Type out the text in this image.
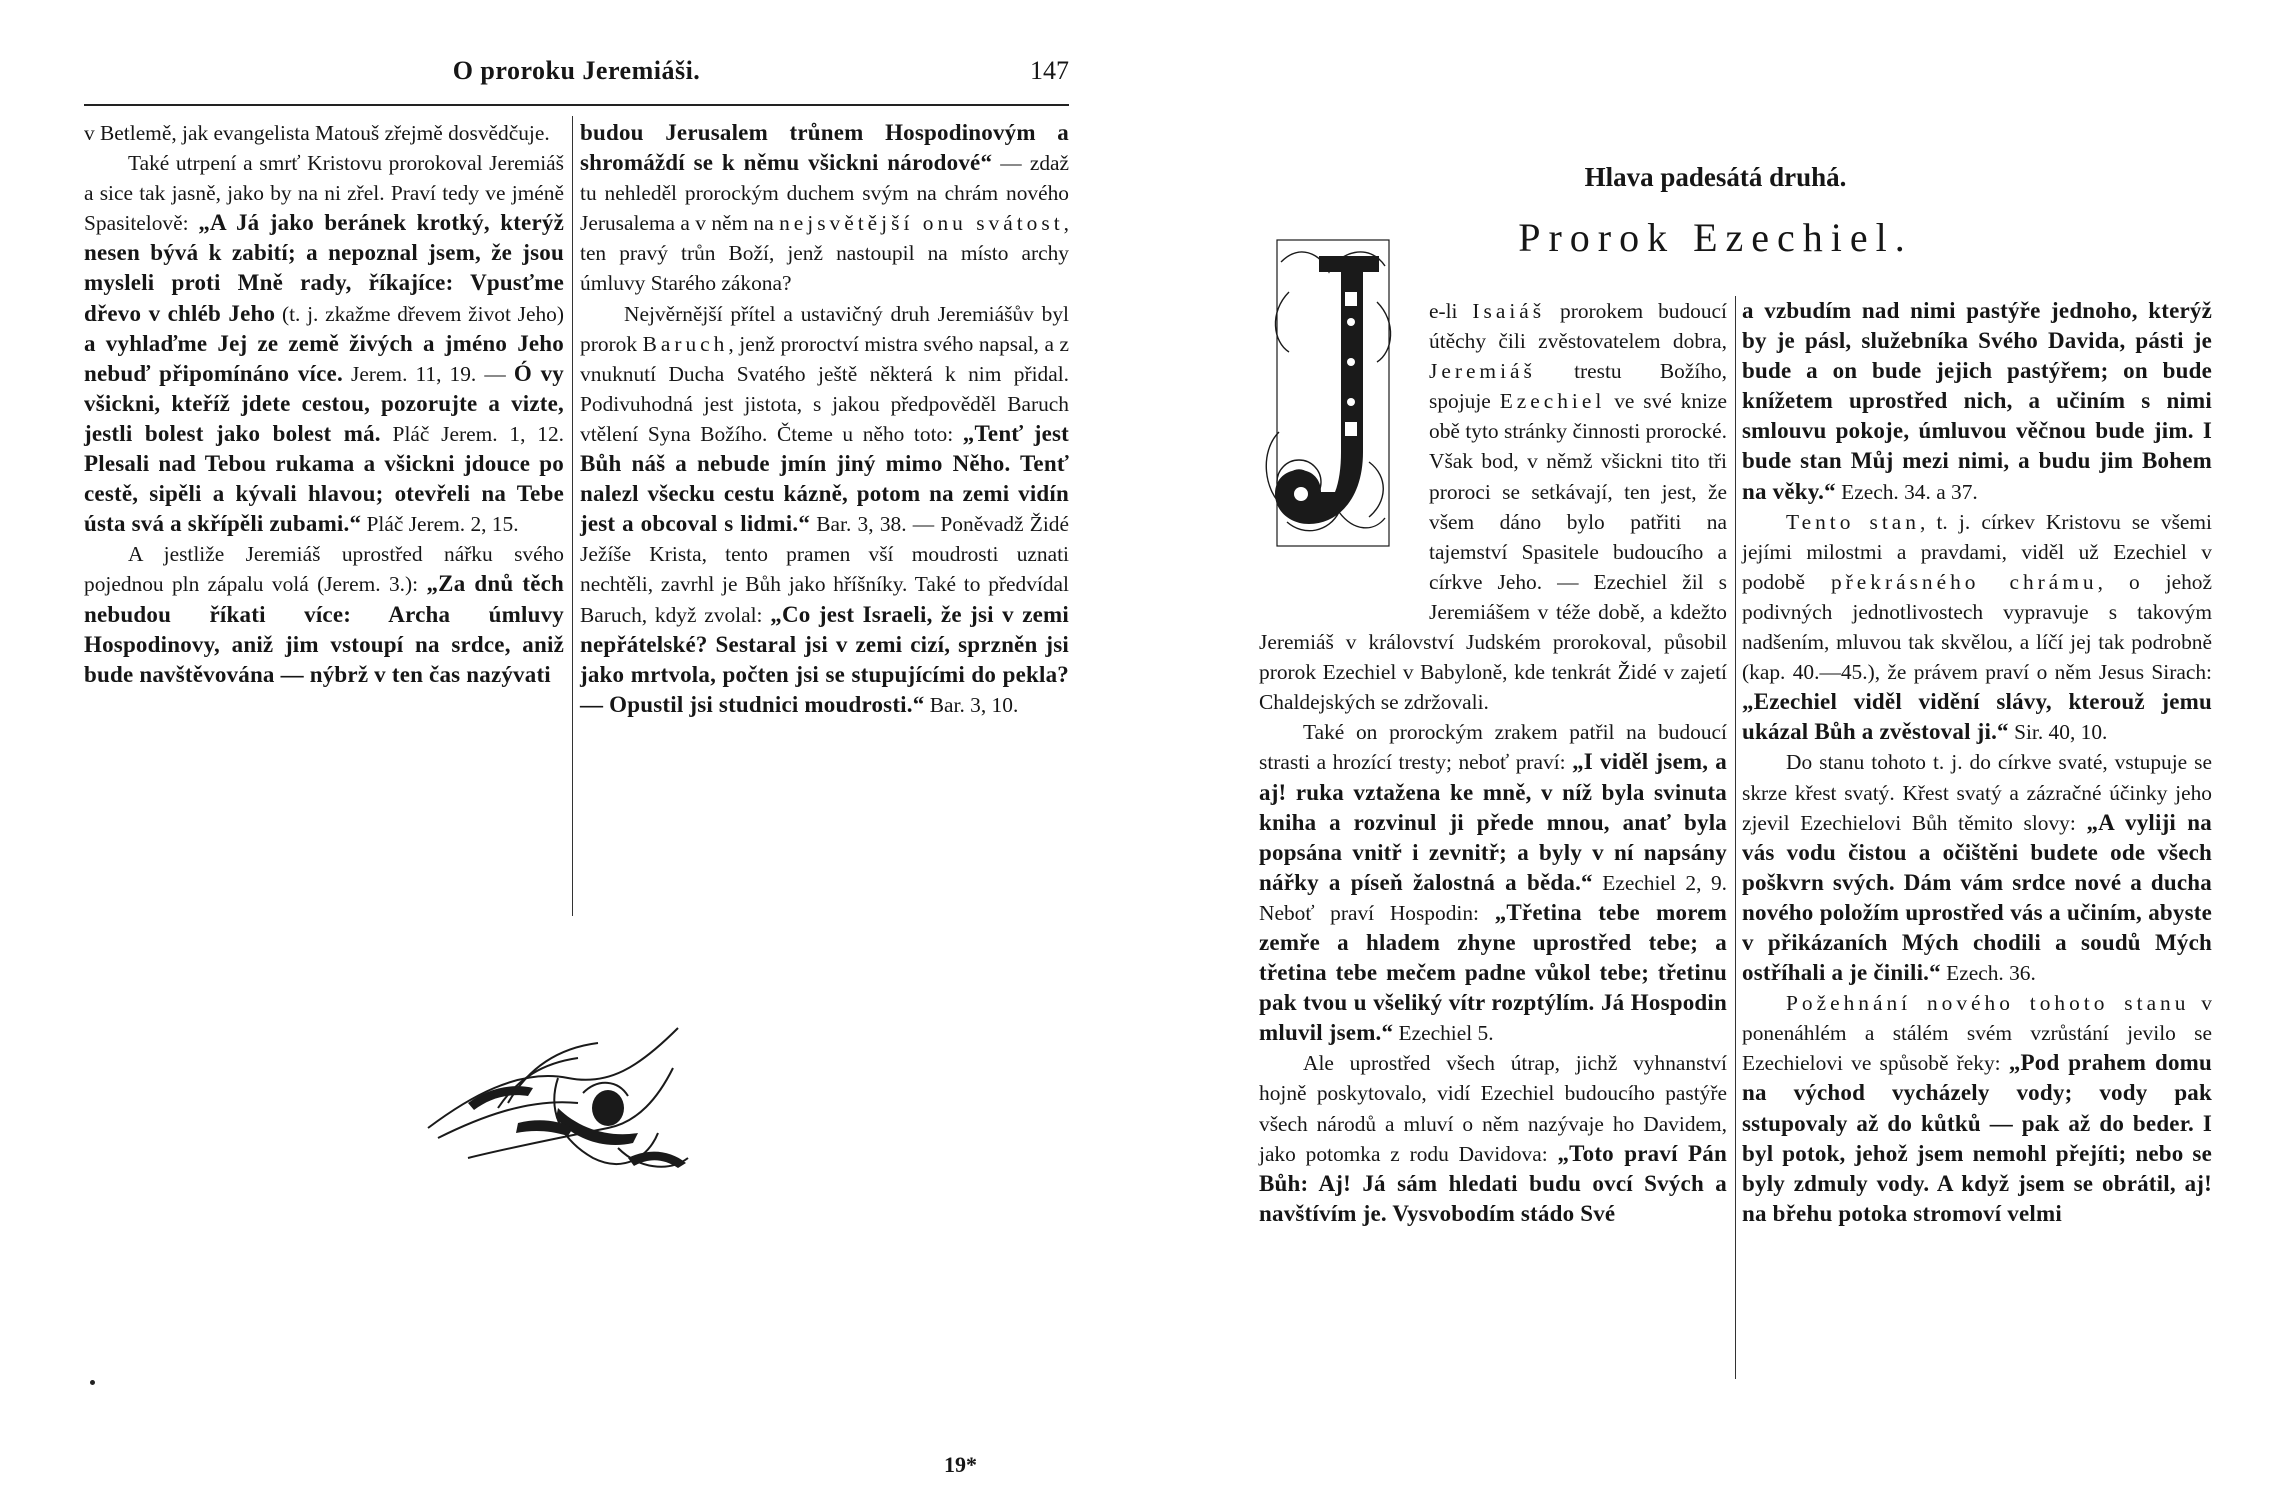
O proroku Jeremiáši.	147

v Betlemě, jak evangelista Matouš zřejmě dosvědčuje.

Také utrpení a smrť Kristovu prorokoval Jeremiáš a sice tak jasně, jako by na ni zřel. Praví tedy ve jméně Spasitelově: „A Já jako beránek krotký, kterýž nesen bývá k zabití; a nepoznal jsem, že jsou mysleli proti Mně rady, říkajíce: Vpusťme dřevo v chléb Jeho (t. j. zkažme dřevem život Jeho) a vyhlaďme Jej ze země živých a jméno Jeho nebuď připomínáno více. Jerem. 11, 19. — Ó vy všickni, kteříž jdete cestou, pozorujte a vizte, jestli bolest jako bolest má. Pláč Jerem. 1, 12. Plesali nad Tebou rukama a všickni jdouce po cestě, sipěli a kývali hlavou; otevřeli na Tebe ústa svá a skřípěli zubami.“ Pláč Jerem. 2, 15.

A jestliže Jeremiáš uprostřed nářku svého pojednou pln zápalu volá (Jerem. 3.): „Za dnů těch nebudou říkati více: Archa úmluvy Hospodinovy, aniž jim vstoupí na srdce, aniž bude navštěvována — nýbrž v ten čas nazývati

budou Jerusalem trůnem Hospodinovým a shromáždí se k němu všickni národové“ — zdaž tu nehleděl prorockým duchem svým na chrám nového Jerusalema a v něm na nejsvětější onu svátost, ten pravý trůn Boží, jenž nastoupil na místo archy úmluvy Starého zákona?

Nejvěrnější přítel a ustavičný druh Jeremiášův byl prorok Baruch, jenž proroctví mistra svého napsal, a z vnuknutí Ducha Svatého ještě některá k nim přidal. Podivuhodná jest jistota, s jakou předpověděl Baruch vtělení Syna Božího. Čteme u něho toto: „Tenť jest Bůh náš a nebude jmín jiný mimo Něho. Tenť nalezl všecku cestu kázně, potom na zemi vidín jest a obcoval s lidmi.“ Bar. 3, 38. — Poněvadž Židé Ježíše Krista, tento pramen vší moudrosti uznati nechtěli, zavrhl je Bůh jako hříšníky. Také to předvídal Baruch, když zvolal: „Co jest Israeli, že jsi v zemi nepřátelské? Sestaral jsi v zemi cizí, sprzněn jsi jako mrtvola, počten jsi se stupujícími do pekla? — Opustil jsi studnici moudrosti.“ Bar. 3, 10.

19*
Hlava padesátá druhá.
Prorok Ezechiel.

e-li Isaiáš prorokem budoucí útěchy čili zvěstovatelem dobra, Jeremiáš trestu Božího, spojuje Ezechiel ve své knize obě tyto stránky činnosti prorocké. Však bod, v němž všickni tito tři proroci se setkávají, ten jest, že všem dáno bylo patřiti na tajemství Spasitele budoucího a církve Jeho. — Ezechiel žil s Jeremiášem v téže době, a kdežto Jeremiáš v království Judském prorokoval, působil prorok Ezechiel v Babyloně, kde tenkrát Židé v zajetí Chaldejských se zdržovali.

Také on prorockým zrakem patřil na budoucí strasti a hrozící tresty; neboť praví: „I viděl jsem, a aj! ruka vztažena ke mně, v níž byla svinuta kniha a rozvinul ji přede mnou, anať byla popsána vnitř i zevnitř; a byly v ní napsány nářky a píseň žalostná a běda.“ Ezechiel 2, 9. Neboť praví Hospodin: „Třetina tebe morem zemře a hladem zhyne uprostřed tebe; a třetina tebe mečem padne vůkol tebe; třetinu pak tvou u všeliký vítr rozptýlím. Já Hospodin mluvil jsem.“ Ezechiel 5.

Ale uprostřed všech útrap, jichž vyhnanství hojně poskytovalo, vidí Ezechiel budoucího pastýře všech národů a mluví o něm nazývaje ho Davidem, jako potomka z rodu Davidova: „Toto praví Pán Bůh: Aj! Já sám hledati budu ovcí Svých a navštívím je. Vysvobodím stádo Své

a vzbudím nad nimi pastýře jednoho, kterýž by je pásl, služebníka Svého Davida, pásti je bude a on bude jejich pastýřem; on bude knížetem uprostřed nich, a učiním s nimi smlouvu pokoje, úmluvou věčnou bude jim. I bude stan Můj mezi nimi, a budu jim Bohem na věky.“ Ezech. 34. a 37.

Tento stan, t. j. církev Kristovu se všemi jejími milostmi a pravdami, viděl už Ezechiel v podobě překrásného chrámu, o jehož podivných jednotlivostech vypravuje s takovým nadšením, mluvou tak skvělou, a líčí jej tak podrobně (kap. 40.—45.), že právem praví o něm Jesus Sirach: „Ezechiel viděl vidění slávy, kterouž jemu ukázal Bůh a zvěstoval ji.“ Sir. 40, 10.

Do stanu tohoto t. j. do církve svaté, vstupuje se skrze křest svatý. Křest svatý a zázračné účinky jeho zjevil Ezechielovi Bůh těmito slovy: „A vyliji na vás vodu čistou a očištěni budete ode všech poškvrn svých. Dám vám srdce nové a ducha nového položím uprostřed vás a učiním, abyste v přikázaních Mých chodili a soudů Mých ostříhali a je činili.“ Ezech. 36.

Požehnání nového tohoto stanu v ponenáhlém a stálém svém vzrůstání jevilo se Ezechielovi ve spůsobě řeky: „Pod prahem domu na východ vycházely vody; vody pak sstupovaly až do kůtků — pak až do beder. I byl potok, jehož jsem nemohl přejíti; nebo se byly zdmuly vody. A když jsem se obrátil, aj! na břehu potoka stromoví velmi
